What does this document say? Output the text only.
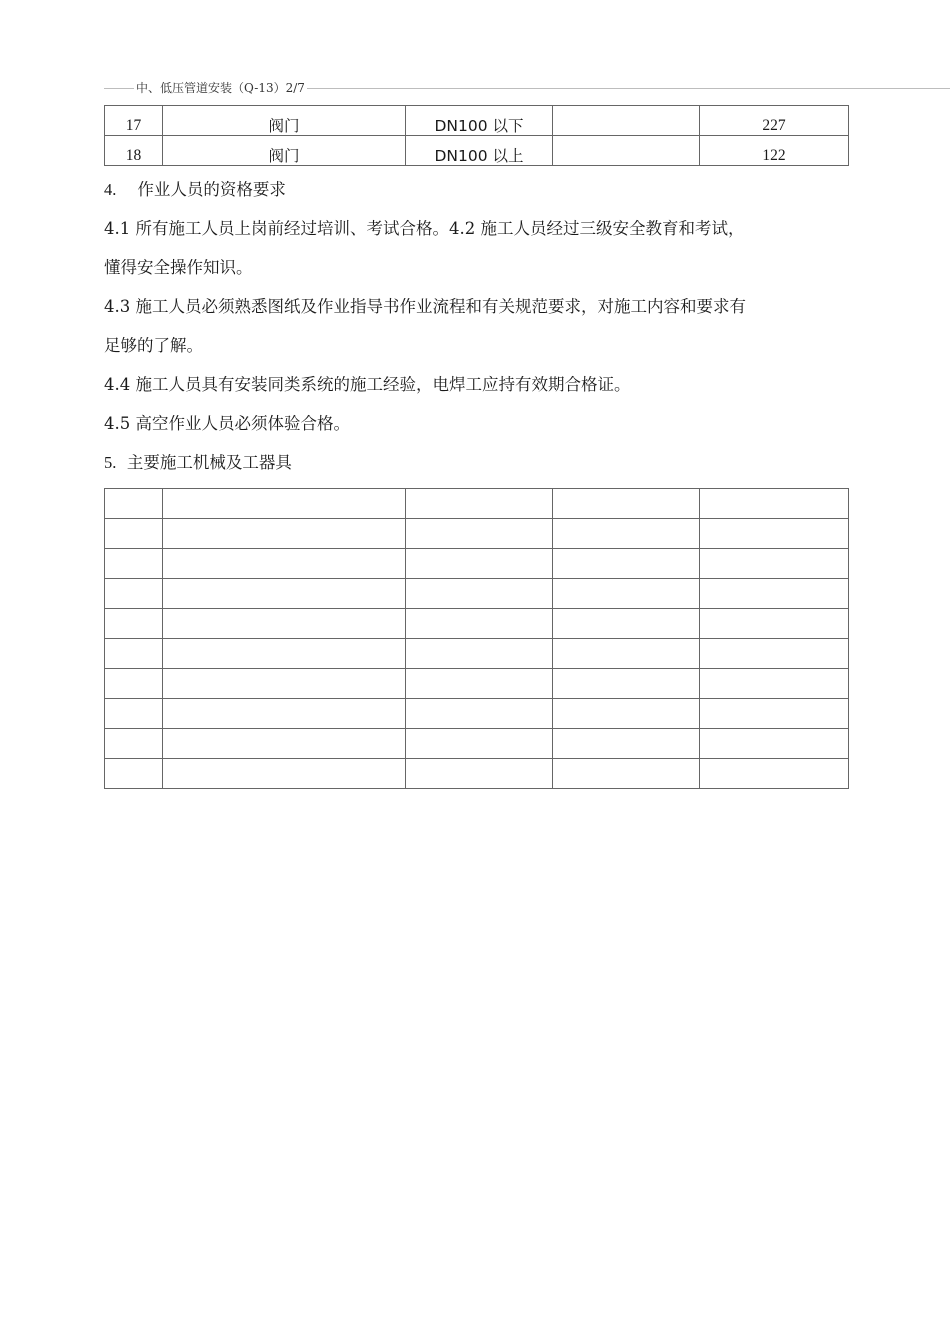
中、低压管道安装（Q-13）2/7
17	阀门	DN100 以下		227
18	阀门	DN100 以上		122
4. 作业人员的资格要求

4.1 所有施工人员上岗前经过培训、考试合格。4.2 施工人员经过三级安全教育和考试，

懂得安全操作知识。

4.3 施工人员必须熟悉图纸及作业指导书作业流程和有关规范要求，对施工内容和要求有

足够的了解。

4.4 施工人员具有安装同类系统的施工经验，电焊工应持有效期合格证。

4.5 高空作业人员必须体验合格。

5. 主要施工机械及工器具
